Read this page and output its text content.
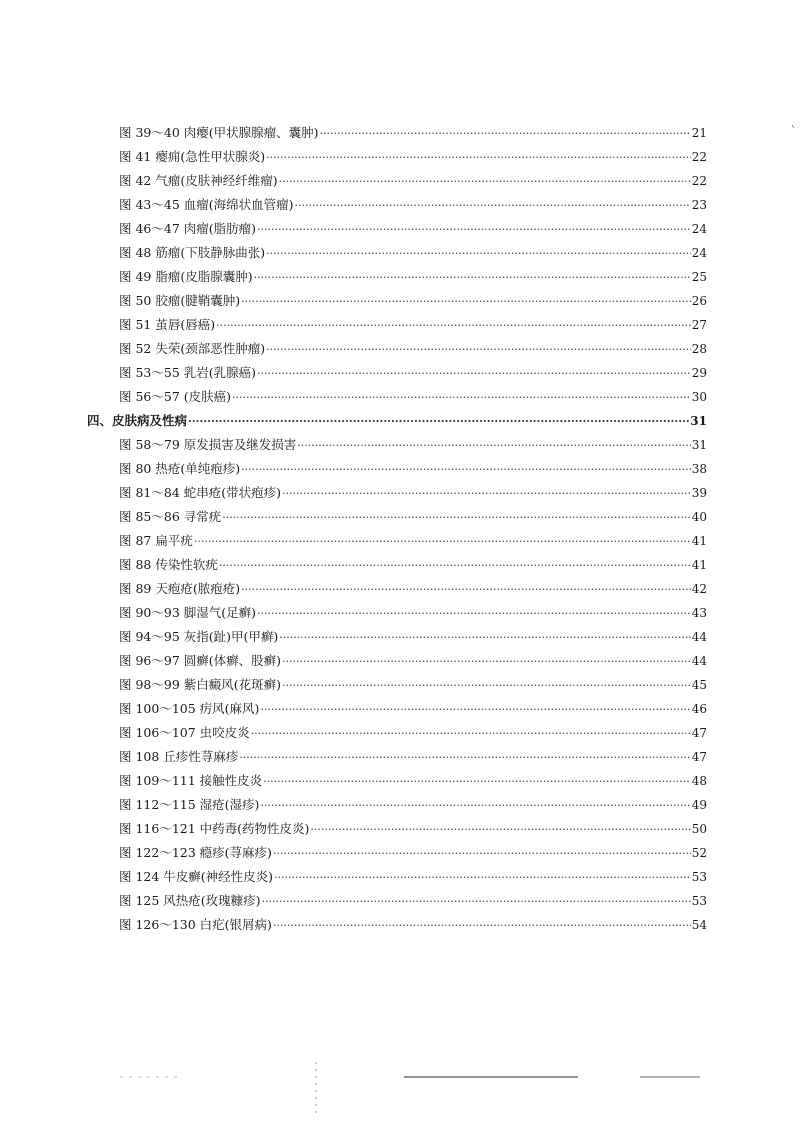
图 39～40 肉瘿(甲状腺腺瘤、囊肿) ·····	21
图 41 瘿痈(急性甲状腺炎) ·····	22
图 42 气瘤(皮肤神经纤维瘤) ·····	22
图 43～45 血瘤(海绵状血管瘤) ·····	23
图 46～47 肉瘤(脂肪瘤) ·····	24
图 48 筋瘤(下肢静脉曲张) ·····	24
图 49 脂瘤(皮脂腺囊肿) ·····	25
图 50 胶瘤(腱鞘囊肿) ·····	26
图 51 茧唇(唇癌) ·····	27
图 52 失荣(颈部恶性肿瘤) ·····	28
图 53～55 乳岩(乳腺癌) ·····	29
图 56～57 (皮肤癌) ·····	30
四、皮肤病及性病 ·····	31
图 58～79 原发损害及继发损害 ·····	31
图 80 热疮(单纯疱疹) ·····	38
图 81～84 蛇串疮(带状疱疹) ·····	39
图 85～86 寻常疣 ·····	40
图 87 扁平疣 ·····	41
图 88 传染性软疣 ·····	41
图 89 天疱疮(脓疱疮) ·····	42
图 90～93 脚湿气(足癣) ·····	43
图 94～95 灰指(趾)甲(甲癣) ·····	44
图 96～97 圆癣(体癣、股癣) ·····	44
图 98～99 紫白癜风(花斑癣) ·····	45
图 100～105 疠风(麻风) ·····	46
图 106～107 虫咬皮炎 ·····	47
图 108 丘疹性荨麻疹 ·····	47
图 109～111 接触性皮炎 ·····	48
图 112～115 湿疮(湿疹) ·····	49
图 116～121 中药毒(药物性皮炎) ·····	50
图 122～123 瘾疹(荨麻疹) ·····	52
图 124 牛皮癣(神经性皮炎) ·····	53
图 125 风热疮(玫瑰糠疹) ·····	53
图 126～130 白疕(银屑病) ·····	54
